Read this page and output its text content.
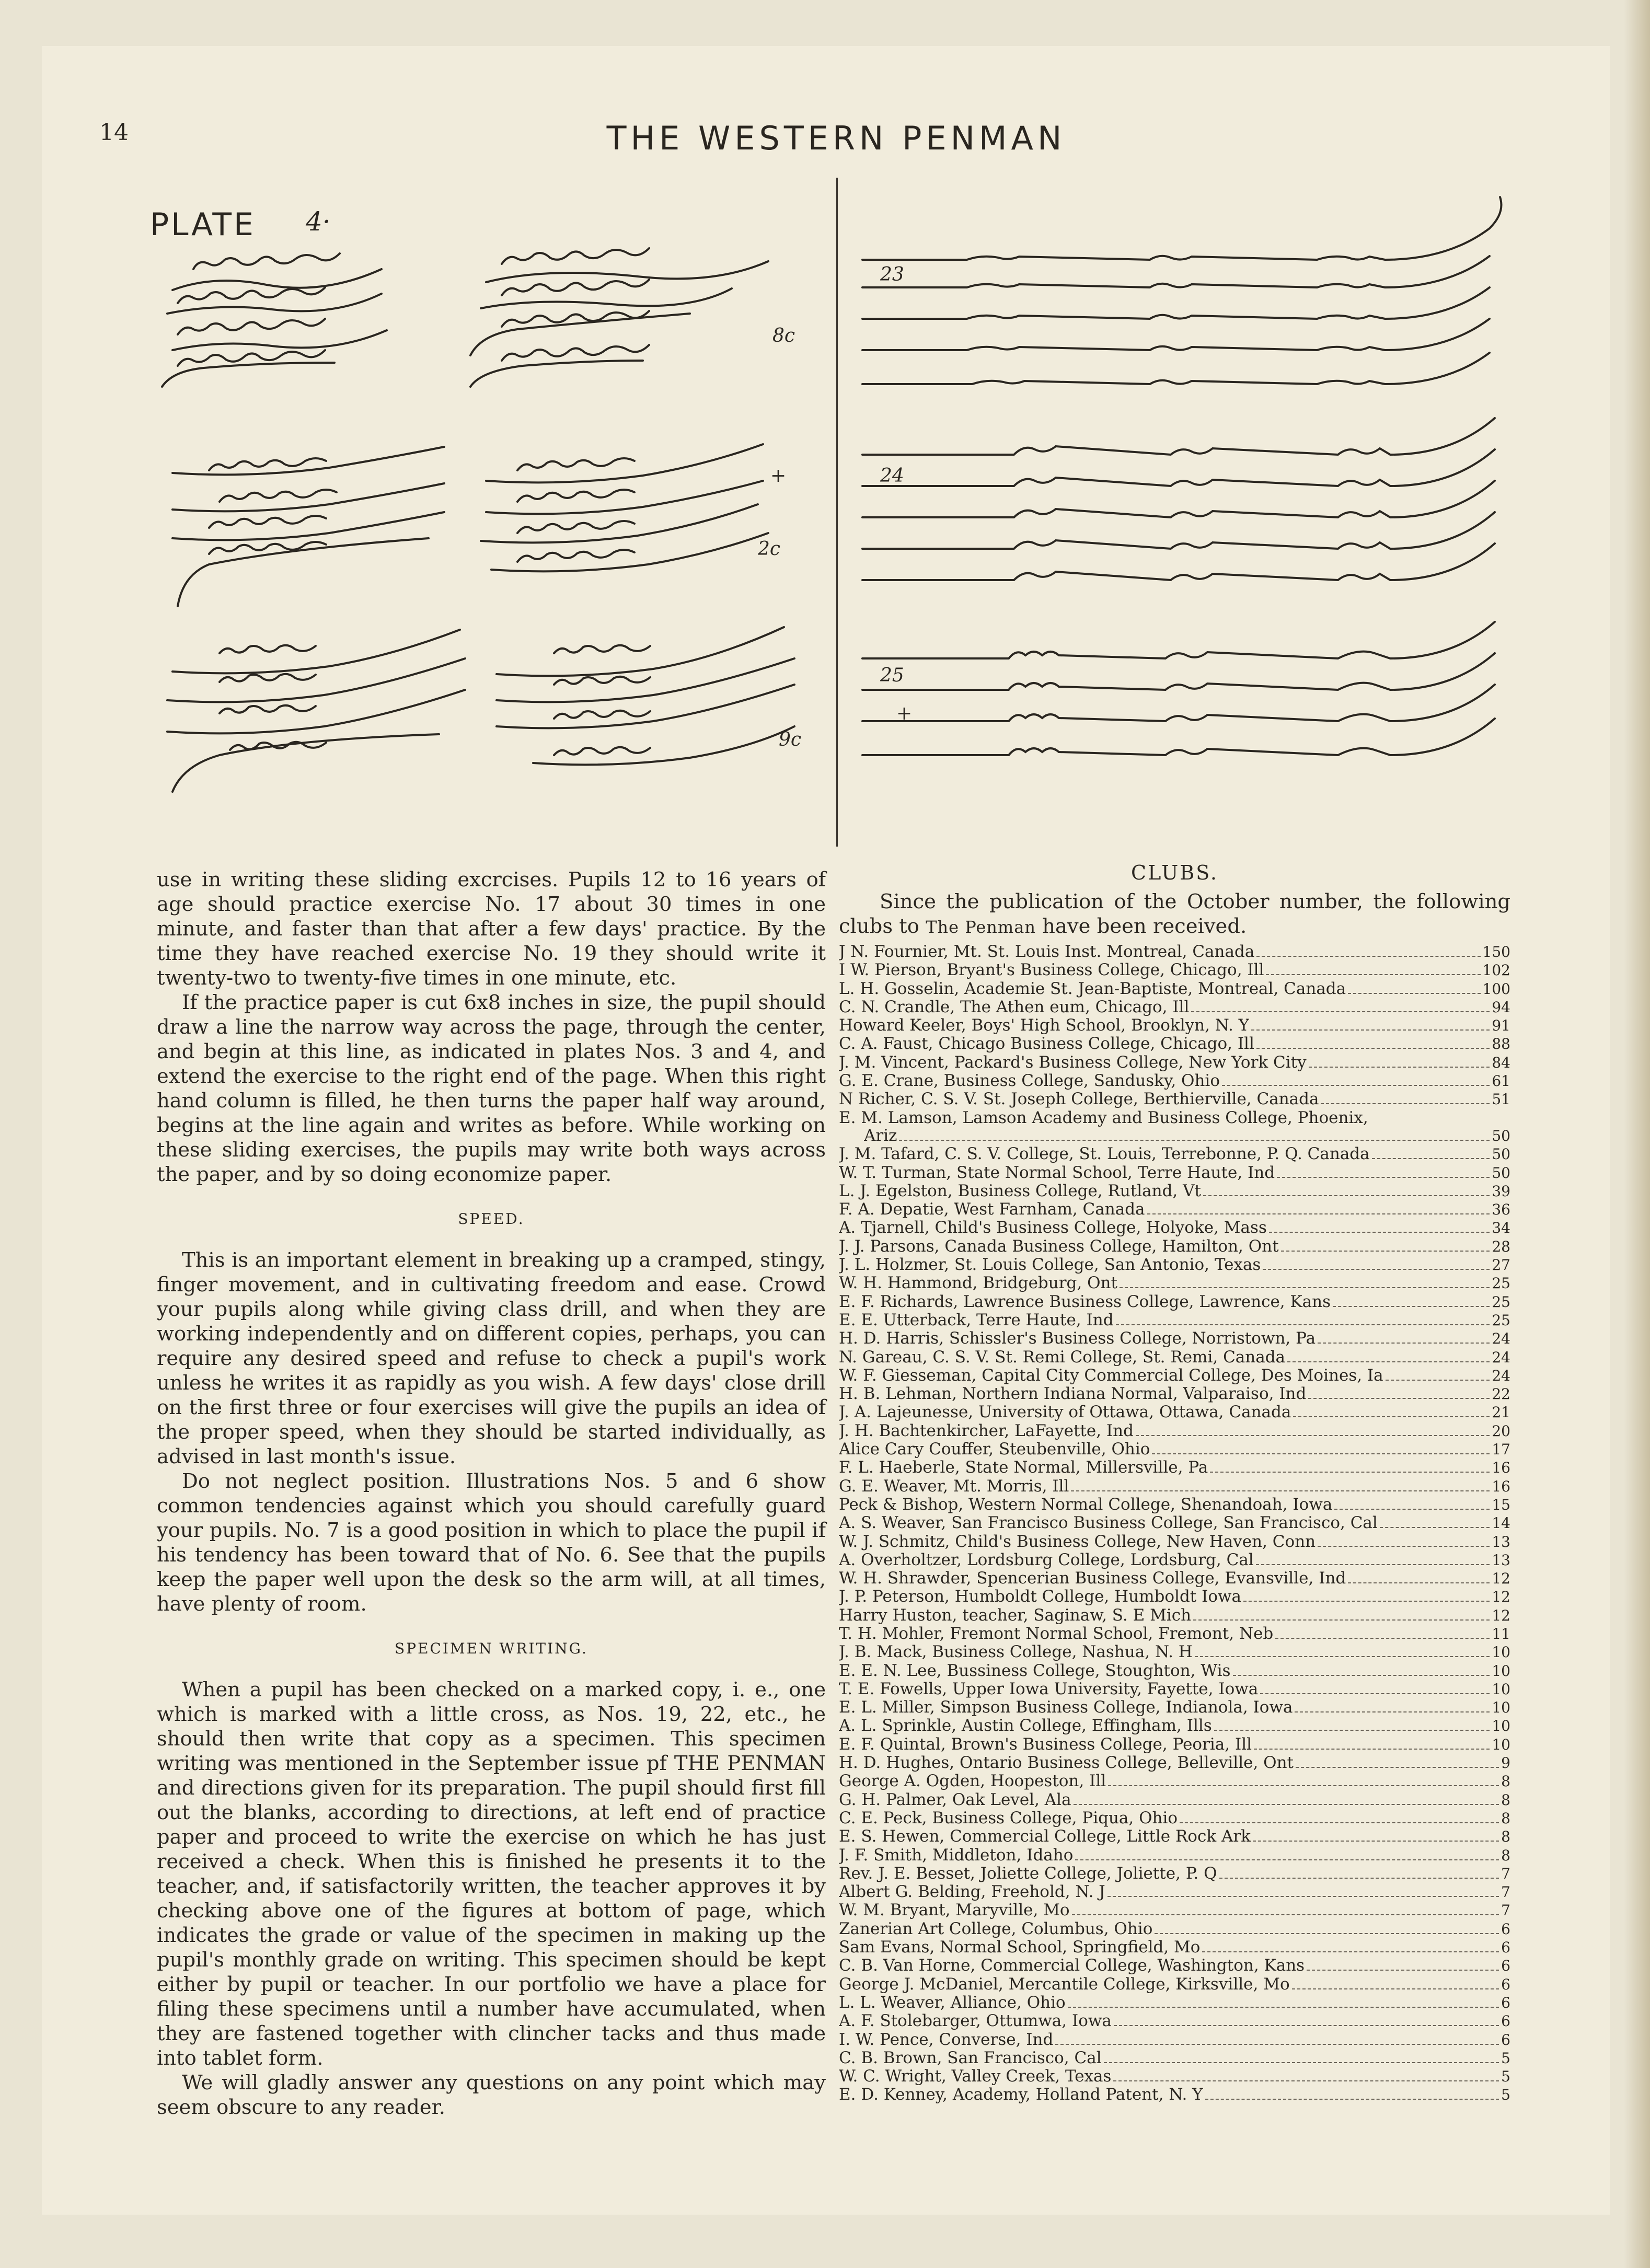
14	THE WESTERN PENMAN
PLATE 4·
8c
+
2c
9c
23
24
25
+

use in writing these sliding excrcises. Pupils 12 to 16 years of age should practice exercise No. 17 about 30 times in one minute, and faster than that after a few days' practice. By the time they have reached exercise No. 19 they should write it twenty-two to twenty-five times in one minute, etc.

If the practice paper is cut 6x8 inches in size, the pupil should draw a line the narrow way across the page, through the center, and begin at this line, as indicated in plates Nos. 3 and 4, and extend the exercise to the right end of the page. When this right hand column is filled, he then turns the paper half way around, begins at the line again and writes as before. While working on these sliding exercises, the pupils may write both ways across the paper, and by so doing economize paper.

SPEED.

This is an important element in breaking up a cramped, stingy, finger movement, and in cultivating freedom and ease. Crowd your pupils along while giving class drill, and when they are working independently and on different copies, perhaps, you can require any desired speed and refuse to check a pupil's work unless he writes it as rapidly as you wish. A few days' close drill on the first three or four exercises will give the pupils an idea of the proper speed, when they should be started individually, as advised in last month's issue.

Do not neglect position. Illustrations Nos. 5 and 6 show common tendencies against which you should carefully guard your pupils. No. 7 is a good position in which to place the pupil if his tendency has been toward that of No. 6. See that the pupils keep the paper well upon the desk so the arm will, at all times, have plenty of room.

SPECIMEN WRITING.

When a pupil has been checked on a marked copy, i. e., one which is marked with a little cross, as Nos. 19, 22, etc., he should then write that copy as a specimen. This specimen writing was mentioned in the September issue pf THE PENMAN and directions given for its preparation. The pupil should first fill out the blanks, according to directions, at left end of practice paper and proceed to write the exercise on which he has just received a check. When this is finished he presents it to the teacher, and, if satisfactorily written, the teacher approves it by checking above one of the figures at bottom of page, which indicates the grade or value of the specimen in making up the pupil's monthly grade on writing. This specimen should be kept either by pupil or teacher. In our portfolio we have a place for filing these specimens until a number have accumulated, when they are fastened together with clincher tacks and thus made into tablet form.

We will gladly answer any questions on any point which may seem obscure to any reader.

CLUBS.
Since the publication of the October number, the following clubs to The Penman have been received.
J N. Fournier, Mt. St. Louis Inst. Montreal, Canada	150
I W. Pierson, Bryant's Business College, Chicago, Ill	102
L. H. Gosselin, Academie St. Jean-Baptiste, Montreal, Canada	100
C. N. Crandle, The Athen eum, Chicago, Ill	94
Howard Keeler, Boys' High School, Brooklyn, N. Y	91
C. A. Faust, Chicago Business College, Chicago, Ill	88
J. M. Vincent, Packard's Business College, New York City	84
G. E. Crane, Business College, Sandusky, Ohio	61
N Richer, C. S. V. St. Joseph College, Berthierville, Canada	51
E. M. Lamson, Lamson Academy and Business College, Phoenix,
Ariz	50
J. M. Tafard, C. S. V. College, St. Louis, Terrebonne, P. Q. Canada	50
W. T. Turman, State Normal School, Terre Haute, Ind	50
L. J. Egelston, Business College, Rutland, Vt	39
F. A. Depatie, West Farnham, Canada	36
A. Tjarnell, Child's Business College, Holyoke, Mass	34
J. J. Parsons, Canada Business College, Hamilton, Ont	28
J. L. Holzmer, St. Louis College, San Antonio, Texas	27
W. H. Hammond, Bridgeburg, Ont	25
E. F. Richards, Lawrence Business College, Lawrence, Kans	25
E. E. Utterback, Terre Haute, Ind	25
H. D. Harris, Schissler's Business College, Norristown, Pa	24
N. Gareau, C. S. V. St. Remi College, St. Remi, Canada	24
W. F. Giesseman, Capital City Commercial College, Des Moines, Ia	24
H. B. Lehman, Northern Indiana Normal, Valparaiso, Ind	22
J. A. Lajeunesse, University of Ottawa, Ottawa, Canada	21
J. H. Bachtenkircher, LaFayette, Ind	20
Alice Cary Couffer, Steubenville, Ohio	17
F. L. Haeberle, State Normal, Millersville, Pa	16
G. E. Weaver, Mt. Morris, Ill	16
Peck & Bishop, Western Normal College, Shenandoah, Iowa	15
A. S. Weaver, San Francisco Business College, San Francisco, Cal	14
W. J. Schmitz, Child's Business College, New Haven, Conn	13
A. Overholtzer, Lordsburg College, Lordsburg, Cal	13
W. H. Shrawder, Spencerian Business College, Evansville, Ind	12
J. P. Peterson, Humboldt College, Humboldt Iowa	12
Harry Huston, teacher, Saginaw, S. E Mich	12
T. H. Mohler, Fremont Normal School, Fremont, Neb	11
J. B. Mack, Business College, Nashua, N. H	10
E. E. N. Lee, Bussiness College, Stoughton, Wis	10
T. E. Fowells, Upper Iowa University, Fayette, Iowa	10
E. L. Miller, Simpson Business College, Indianola, Iowa	10
A. L. Sprinkle, Austin College, Effingham, Ills	10
E. F. Quintal, Brown's Business College, Peoria, Ill	10
H. D. Hughes, Ontario Business College, Belleville, Ont	9
George A. Ogden, Hoopeston, Ill	8
G. H. Palmer, Oak Level, Ala	8
C. E. Peck, Business College, Piqua, Ohio	8
E. S. Hewen, Commercial College, Little Rock Ark	8
J. F. Smith, Middleton, Idaho	8
Rev. J. E. Besset, Joliette College, Joliette, P. Q	7
Albert G. Belding, Freehold, N. J	7
W. M. Bryant, Maryville, Mo	7
Zanerian Art College, Columbus, Ohio	6
Sam Evans, Normal School, Springfield, Mo	6
C. B. Van Horne, Commercial College, Washington, Kans	6
George J. McDaniel, Mercantile College, Kirksville, Mo	6
L. L. Weaver, Alliance, Ohio	6
A. F. Stolebarger, Ottumwa, Iowa	6
I. W. Pence, Converse, Ind	6
C. B. Brown, San Francisco, Cal	5
W. C. Wright, Valley Creek, Texas	5
E. D. Kenney, Academy, Holland Patent, N. Y	5
